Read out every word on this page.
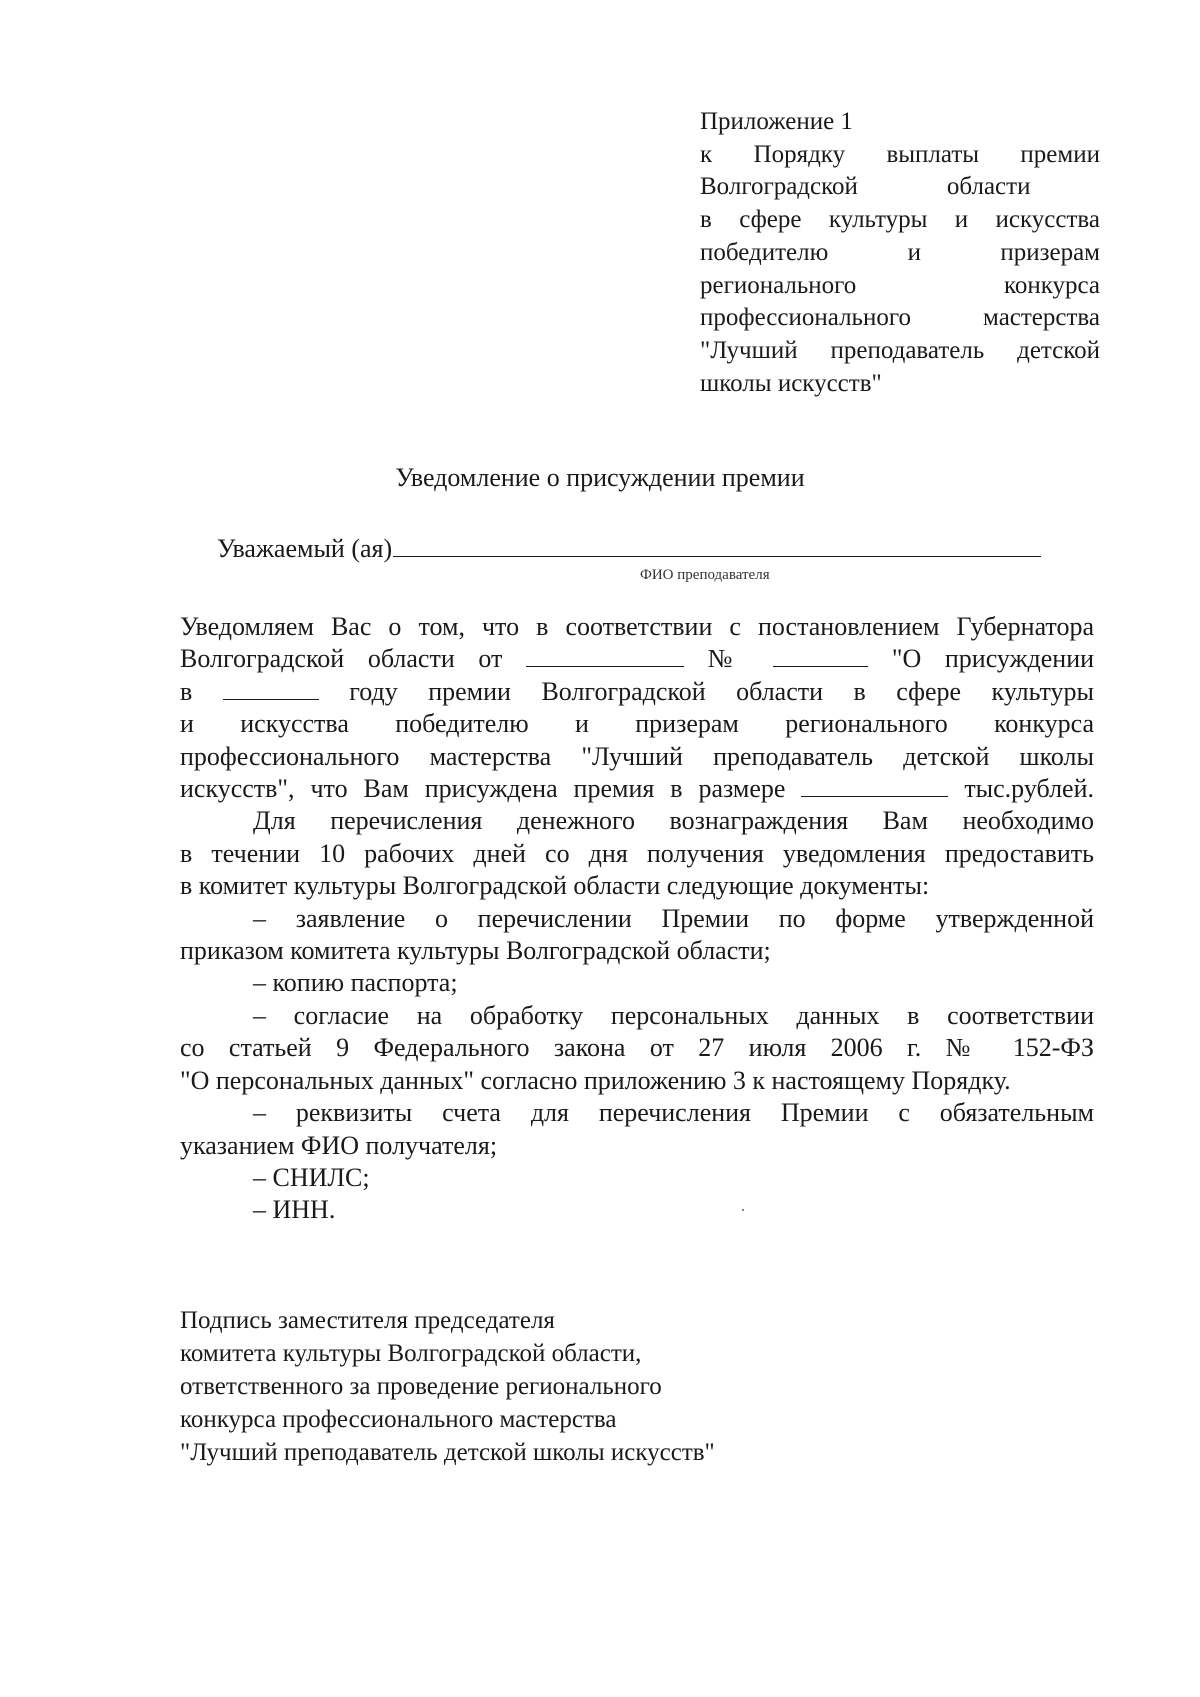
Приложение 1
к Порядку выплаты премии
Волгоградской	области
в сфере культуры и искусства
победителю и призерам
регионального конкурса
профессионального мастерства
"Лучший преподаватель детской
школы искусств"
Уведомление о присуждении премии
Уважаемый (ая)
ФИО преподавателя
Уведомляем Вас о том, что в соответствии с постановлением Губернатора
Волгоградской области от	№	"О присуждении
в	году премии Волгоградской области в сфере культуры
и искусства победителю и призерам регионального конкурса
профессионального мастерства "Лучший преподаватель детской школы
искусств", что Вам присуждена премия в размере	тыс.рублей.
Для перечисления денежного вознаграждения Вам необходимо
в течении 10 рабочих дней со дня получения уведомления предоставить
в комитет культуры Волгоградской области следующие документы:
– заявление о перечислении Премии по форме утвержденной
приказом комитета культуры Волгоградской области;
– копию паспорта;
– согласие на обработку персональных данных в соответствии
со статьей 9 Федерального закона от 27 июля 2006 г. № 152-ФЗ
"О персональных данных" согласно приложению 3 к настоящему Порядку.
– реквизиты счета для перечисления Премии с обязательным
указанием ФИО получателя;
– СНИЛС;
– ИНН.
Подпись заместителя председателя
комитета культуры Волгоградской области,
ответственного за проведение регионального
конкурса профессионального мастерства
"Лучший преподаватель детской школы искусств"
